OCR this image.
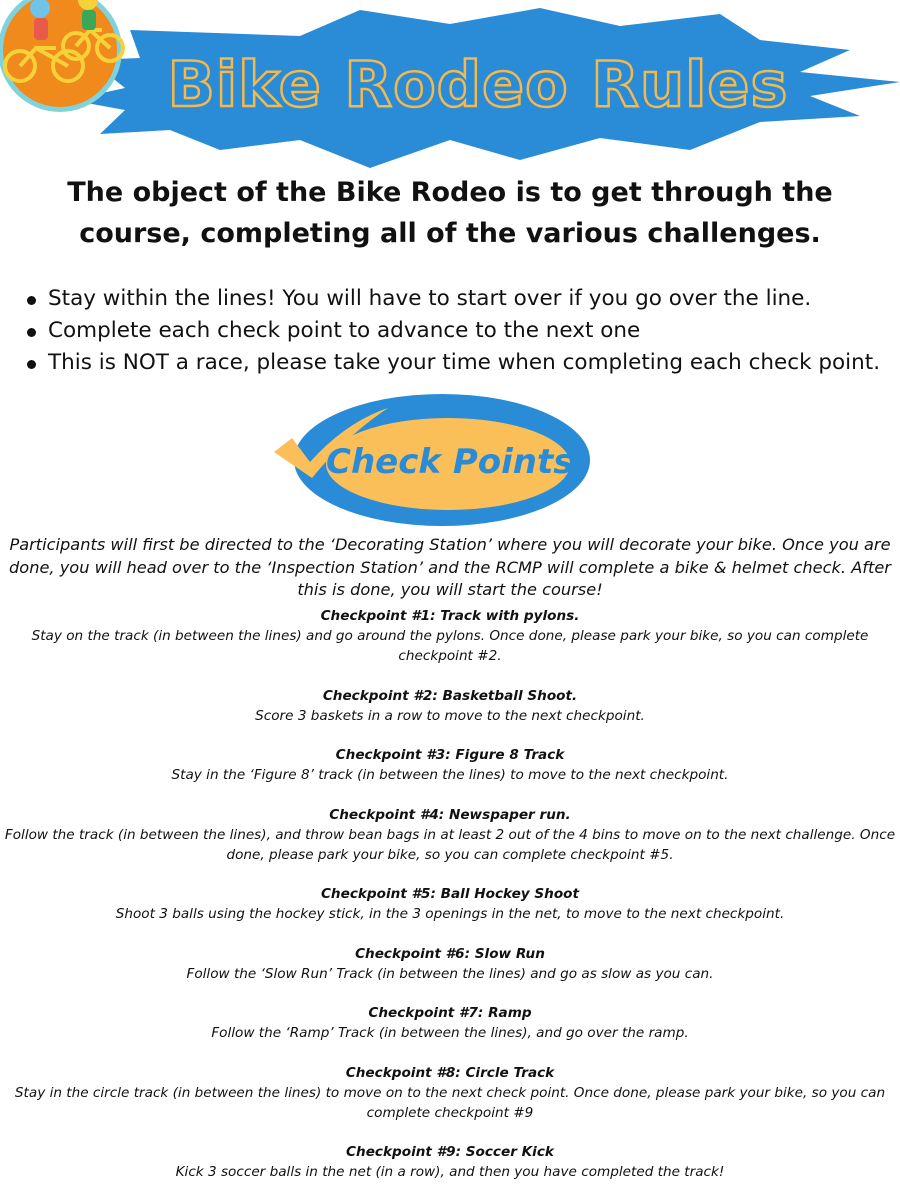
Bike Rodeo Rules
The object of the Bike Rodeo is to get through the course, completing all of the various challenges.
Stay within the lines! You will have to start over if you go over the line.
Complete each check point to advance to the next one
This is NOT a race, please take your time when completing each check point.
Check Points
Participants will first be directed to the ‘Decorating Station’ where you will decorate your bike. Once you are done, you will head over to the ‘Inspection Station’ and the RCMP will complete a bike & helmet check. After this is done, you will start the course!
Checkpoint #1: Track with pylons.
Stay on the track (in between the lines) and go around the pylons. Once done, please park your bike, so you can complete checkpoint #2.
Checkpoint #2: Basketball Shoot.
Score 3 baskets in a row to move to the next checkpoint.
Checkpoint #3: Figure 8 Track
Stay in the ‘Figure 8’ track (in between the lines) to move to the next checkpoint.
Checkpoint #4: Newspaper run.
Follow the track (in between the lines), and throw bean bags in at least 2 out of the 4 bins to move on to the next challenge. Once done, please park your bike, so you can complete checkpoint #5.
Checkpoint #5: Ball Hockey Shoot
Shoot 3 balls using the hockey stick, in the 3 openings in the net, to move to the next checkpoint.
Checkpoint #6: Slow Run
Follow the ‘Slow Run’ Track (in between the lines) and go as slow as you can.
Checkpoint #7: Ramp
Follow the ‘Ramp’ Track (in between the lines), and go over the ramp.
Checkpoint #8: Circle Track
Stay in the circle track (in between the lines) to move on to the next check point. Once done, please park your bike, so you can complete checkpoint #9
Checkpoint #9: Soccer Kick
Kick 3 soccer balls in the net (in a row), and then you have completed the track!
